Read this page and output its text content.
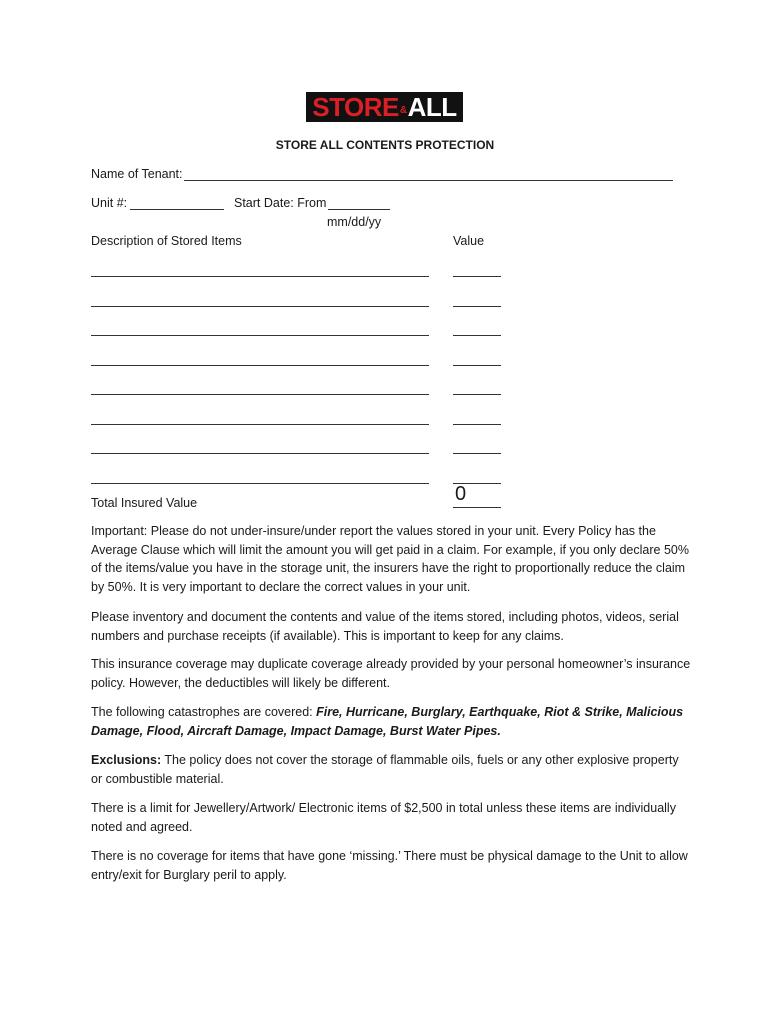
STORE & ALL
STORE ALL CONTENTS PROTECTION
Name of Tenant:
Unit #:	Start Date: From
mm/dd/yy
Description of Stored Items	Value
Total Insured Value	0
Important: Please do not under-insure/under report the values stored in your unit. Every Policy has the Average Clause which will limit the amount you will get paid in a claim. For example, if you only declare 50% of the items/value you have in the storage unit, the insurers have the right to proportionally reduce the claim by 50%. It is very important to declare the correct values in your unit.
Please inventory and document the contents and value of the items stored, including photos, videos, serial numbers and purchase receipts (if available). This is important to keep for any claims.
This insurance coverage may duplicate coverage already provided by your personal homeowner’s insurance policy. However, the deductibles will likely be different.
The following catastrophes are covered: Fire, Hurricane, Burglary, Earthquake, Riot & Strike, Malicious Damage, Flood, Aircraft Damage, Impact Damage, Burst Water Pipes.
Exclusions: The policy does not cover the storage of flammable oils, fuels or any other explosive property or combustible material.
There is a limit for Jewellery/Artwork/ Electronic items of $2,500 in total unless these items are individually noted and agreed.
There is no coverage for items that have gone ‘missing.’ There must be physical damage to the Unit to allow entry/exit for Burglary peril to apply.
